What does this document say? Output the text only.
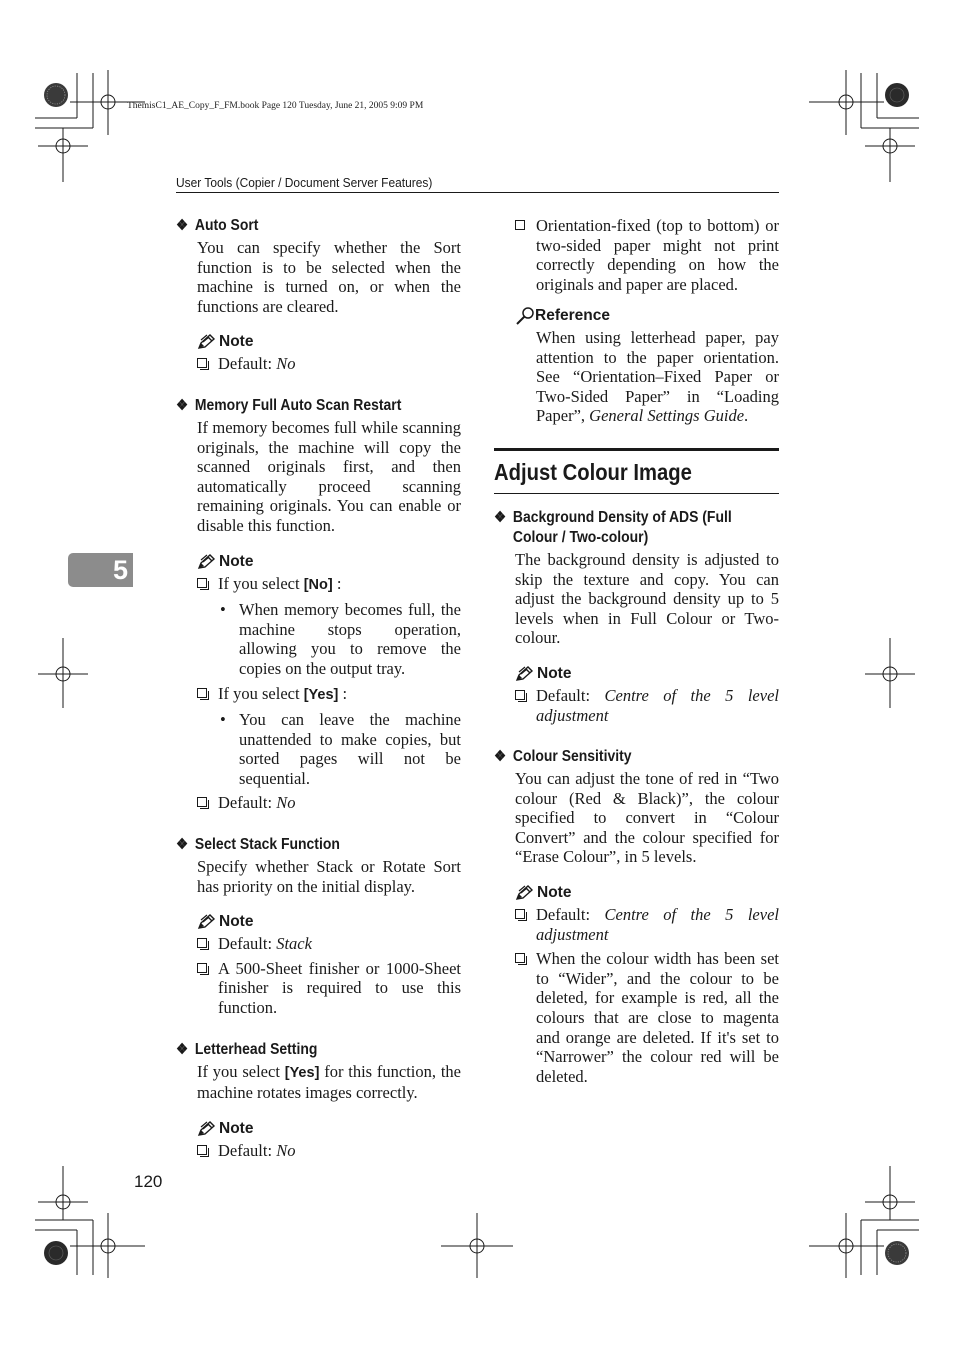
ThemisC1_AE_Copy_F_FM.book Page 120 Tuesday, June 21, 2005 9:09 PM
User Tools (Copier / Document Server Features)
5
120
❖ Auto Sort

You can specify whether the Sort function is to be selected when the machine is turned on, or when the functions are cleared.

Note
Default: No
❖ Memory Full Auto Scan Restart

If memory becomes full while scanning originals, the machine will copy the scanned originals first, and then automatically proceed scanning remaining originals. You can enable or disable this function.

Note
If you select [No] :
• When memory becomes full, the machine stops operation, allowing you to remove the copies on the output tray.
If you select [Yes] :
• You can leave the machine unattended to make copies, but sorted pages will not be sequential.
Default: No
❖ Select Stack Function

Specify whether Stack or Rotate Sort has priority on the initial display.

Note
Default: Stack
A 500-Sheet finisher or 1000-Sheet finisher is required to use this function.
❖ Letterhead Setting

If you select [Yes] for this function, the machine rotates images correctly.

Note
Default: No
Orientation-fixed (top to bottom) or two-sided paper might not print correctly depending on how the originals and paper are placed.
Reference

When using letterhead paper, pay attention to the paper orientation. See “Orientation–Fixed Paper or Two-Sided Paper” in “Loading Paper”, General Settings Guide.

Adjust Colour Image
❖ Background Density of ADS (Full Colour / Two-colour)

The background density is adjusted to skip the texture and copy. You can adjust the background density up to 5 levels when in Full Colour or Two-colour.

Note
Default: Centre of the 5 level adjustment
❖ Colour Sensitivity

You can adjust the tone of red in “Two colour (Red & Black)”, the colour specified to convert in “Colour Convert” and the colour specified for “Erase Colour”, in 5 levels.

Note
Default: Centre of the 5 level adjustment
When the colour width has been set to “Wider”, and the colour to be deleted, for example is red, all the colours that are close to magenta and orange are deleted. If it's set to “Narrower” the colour red will be deleted.
